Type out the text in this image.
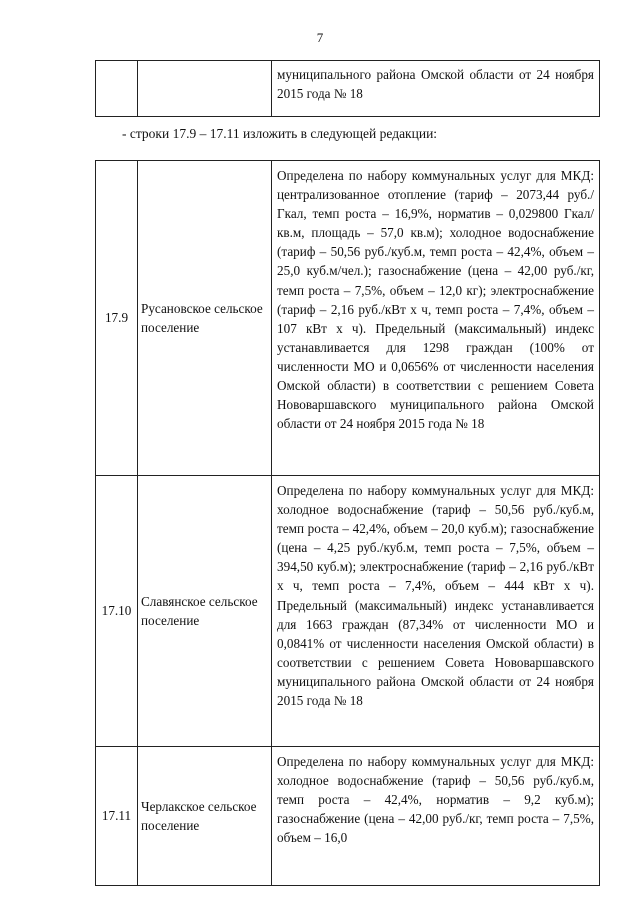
7

муниципального района Омской области от 24 ноября 2015 года № 18
- строки 17.9 – 17.11 изложить в следующей редакции:
17.9	Русановское сельское поселение	Определена по набору коммунальных услуг для МКД: централизованное отопление (тариф – 2073,44 руб./Гкал, темп роста – 16,9%, норматив – 0,029800 Гкал/кв.м, площадь – 57,0 кв.м); холодное водоснабжение (тариф – 50,56 руб./куб.м, темп роста – 42,4%, объем – 25,0 куб.м/чел.); газоснабжение (цена – 42,00 руб./кг, темп роста – 7,5%, объем – 12,0 кг); электроснабжение (тариф – 2,16 руб./кВт х ч, темп роста – 7,4%, объем – 107 кВт х ч). Предельный (максимальный) индекс устанавливается для 1298 граждан (100% от численности МО и 0,0656% от численности населения Омской области) в соответствии с решением Совета Нововаршавского муниципального района Омской области от 24 ноября 2015 года № 18

17.10	Славянское сельское поселение	Определена по набору коммунальных услуг для МКД: холодное водоснабжение (тариф – 50,56 руб./куб.м, темп роста – 42,4%, объем – 20,0 куб.м); газоснабжение (цена – 4,25 руб./куб.м, темп роста – 7,5%, объем – 394,50 куб.м); электроснабжение (тариф – 2,16 руб./кВт х ч, темп роста – 7,4%, объем – 444 кВт х ч). Предельный (максимальный) индекс устанавливается для 1663 граждан (87,34% от численности МО и 0,0841% от численности населения Омской области) в соответствии с решением Совета Нововаршавского муниципального района Омской области от 24 ноября 2015 года № 18

17.11	Черлакское сельское поселение	Определена по набору коммунальных услуг для МКД: холодное водоснабжение (тариф – 50,56 руб./куб.м, темп роста – 42,4%, норматив – 9,2 куб.м); газоснабжение (цена – 42,00 руб./кг, темп роста – 7,5%, объем – 16,0
